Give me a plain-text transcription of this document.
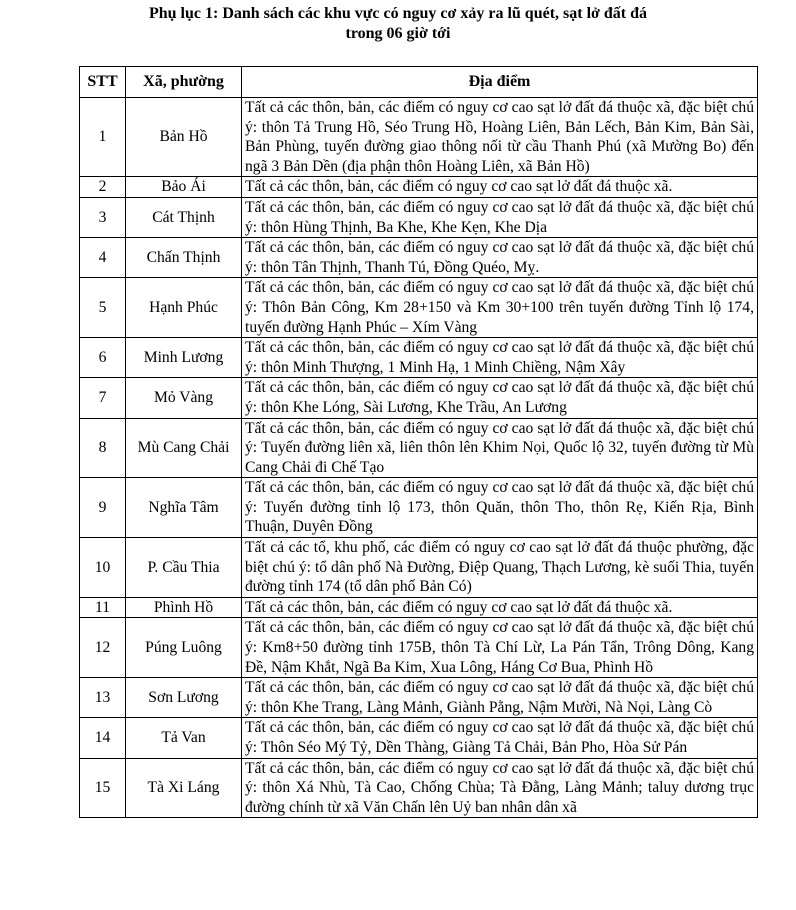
Phụ lục 1: Danh sách các khu vực có nguy cơ xảy ra lũ quét, sạt lở đất đá
trong 06 giờ tới
STT	Xã, phường	Địa điểm
1	Bản Hồ	Tất cả các thôn, bản, các điểm có nguy cơ cao sạt lở đất đá thuộc xã, đặc biệt chú ý: thôn Tả Trung Hồ, Séo Trung Hồ, Hoàng Liên, Bản Lếch, Bản Kim, Bản Sài, Bản Phùng, tuyến đường giao thông nối từ cầu Thanh Phú (xã Mường Bo) đến ngã 3 Bản Dền (địa phận thôn Hoàng Liên, xã Bản Hồ)
2	Bảo Ái	Tất cả các thôn, bản, các điểm có nguy cơ cao sạt lở đất đá thuộc xã.
3	Cát Thịnh	Tất cả các thôn, bản, các điểm có nguy cơ cao sạt lở đất đá thuộc xã, đặc biệt chú ý: thôn Hùng Thịnh, Ba Khe, Khe Kẹn, Khe Dịa
4	Chấn Thịnh	Tất cả các thôn, bản, các điểm có nguy cơ cao sạt lở đất đá thuộc xã, đặc biệt chú ý: thôn Tân Thịnh, Thanh Tú, Đồng Quéo, Mỵ.
5	Hạnh Phúc	Tất cả các thôn, bản, các điểm có nguy cơ cao sạt lở đất đá thuộc xã, đặc biệt chú ý: Thôn Bản Công, Km 28+150 và Km 30+100 trên tuyến đường Tỉnh lộ 174, tuyến đường Hạnh Phúc – Xím Vàng
6	Minh Lương	Tất cả các thôn, bản, các điểm có nguy cơ cao sạt lở đất đá thuộc xã, đặc biệt chú ý: thôn Minh Thượng, 1 Minh Hạ, 1 Minh Chiềng, Nậm Xây
7	Mỏ Vàng	Tất cả các thôn, bản, các điểm có nguy cơ cao sạt lở đất đá thuộc xã, đặc biệt chú ý: thôn Khe Lóng, Sài Lương, Khe Trầu, An Lương
8	Mù Cang Chải	Tất cả các thôn, bản, các điểm có nguy cơ cao sạt lở đất đá thuộc xã, đặc biệt chú ý: Tuyến đường liên xã, liên thôn lên Khim Nọi, Quốc lộ 32, tuyến đường từ Mù Cang Chải đi Chế Tạo
9	Nghĩa Tâm	Tất cả các thôn, bản, các điểm có nguy cơ cao sạt lở đất đá thuộc xã, đặc biệt chú ý: Tuyến đường tỉnh lộ 173, thôn Quăn, thôn Tho, thôn Rẹ, Kiến Rịa, Bình Thuận, Duyên Đồng
10	P. Cầu Thia	Tất cả các tổ, khu phố, các điểm có nguy cơ cao sạt lở đất đá thuộc phường, đặc biệt chú ý: tổ dân phố Nà Đường, Điệp Quang, Thạch Lương, kè suối Thia, tuyến đường tỉnh 174 (tổ dân phố Bản Có)
11	Phình Hồ	Tất cả các thôn, bản, các điểm có nguy cơ cao sạt lở đất đá thuộc xã.
12	Púng Luông	Tất cả các thôn, bản, các điểm có nguy cơ cao sạt lở đất đá thuộc xã, đặc biệt chú ý: Km8+50 đường tỉnh 175B, thôn Tà Chí Lừ, La Pán Tẩn, Trông Dông, Kang Đề, Nậm Khắt, Ngã Ba Kim, Xua Lông, Háng Cơ Bua, Phình Hồ
13	Sơn Lương	Tất cả các thôn, bản, các điểm có nguy cơ cao sạt lở đất đá thuộc xã, đặc biệt chú ý: thôn Khe Trang, Làng Mảnh, Giành Pằng, Nậm Mười, Nà Nọi, Làng Cò
14	Tả Van	Tất cả các thôn, bản, các điểm có nguy cơ cao sạt lở đất đá thuộc xã, đặc biệt chú ý: Thôn Séo Mý Tỷ, Dền Thàng, Giàng Tả Chải, Bản Pho, Hòa Sử Pán
15	Tà Xi Láng	Tất cả các thôn, bản, các điểm có nguy cơ cao sạt lở đất đá thuộc xã, đặc biệt chú ý: thôn Xá Nhù, Tà Cao, Chống Chùa; Tà Đằng, Làng Mảnh; taluy dương trục đường chính từ xã Văn Chấn lên Uỷ ban nhân dân xã
